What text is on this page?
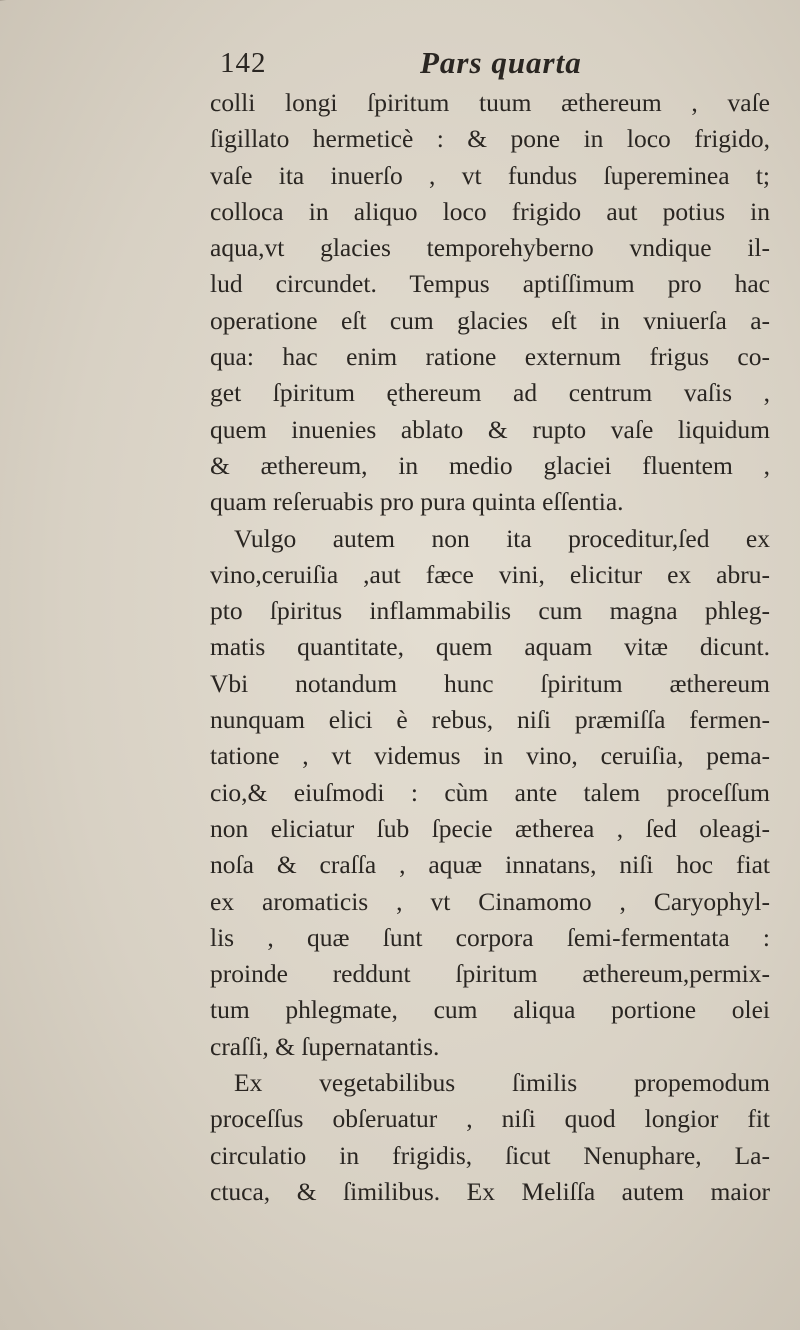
142	Pars quarta
colli longi ſpiritum tuum æthereum , vaſe
ſigillato hermeticè : & pone in loco frigido,
vaſe ita inuerſo , vt fundus ſupereminea t;
colloca in aliquo loco frigido aut potius in
aqua,vt glacies temporehyberno vndique il-
lud circundet. Tempus aptiſſimum pro hac
operatione eſt cum glacies eſt in vniuerſa a-
qua: hac enim ratione externum frigus co-
get ſpiritum ęthereum ad centrum vaſis ,
quem inuenies ablato & rupto vaſe liquidum
& æthereum, in medio glaciei fluentem ,
quam reſeruabis pro pura quinta eſſentia.
Vulgo autem non ita proceditur,ſed ex
vino,ceruiſia ,aut fæce vini, elicitur ex abru-
pto ſpiritus inflammabilis cum magna phleg-
matis quantitate, quem aquam vitæ dicunt.
Vbi notandum hunc ſpiritum æthereum
nunquam elici è rebus, niſi præmiſſa fermen-
tatione , vt videmus in vino, ceruiſia, pema-
cio,& eiuſmodi : cùm ante talem proceſſum
non eliciatur ſub ſpecie ætherea , ſed oleagi-
noſa & craſſa , aquæ innatans, niſi hoc fiat
ex aromaticis , vt Cinamomo , Caryophyl-
lis , quæ ſunt corpora ſemi-fermentata :
proinde reddunt ſpiritum æthereum,permix-
tum phlegmate, cum aliqua portione olei
craſſi, & ſupernatantis.
Ex vegetabilibus ſimilis propemodum
proceſſus obſeruatur , niſi quod longior fit
circulatio in frigidis, ſicut Nenuphare, La-
ctuca, & ſimilibus. Ex Meliſſa autem maior
